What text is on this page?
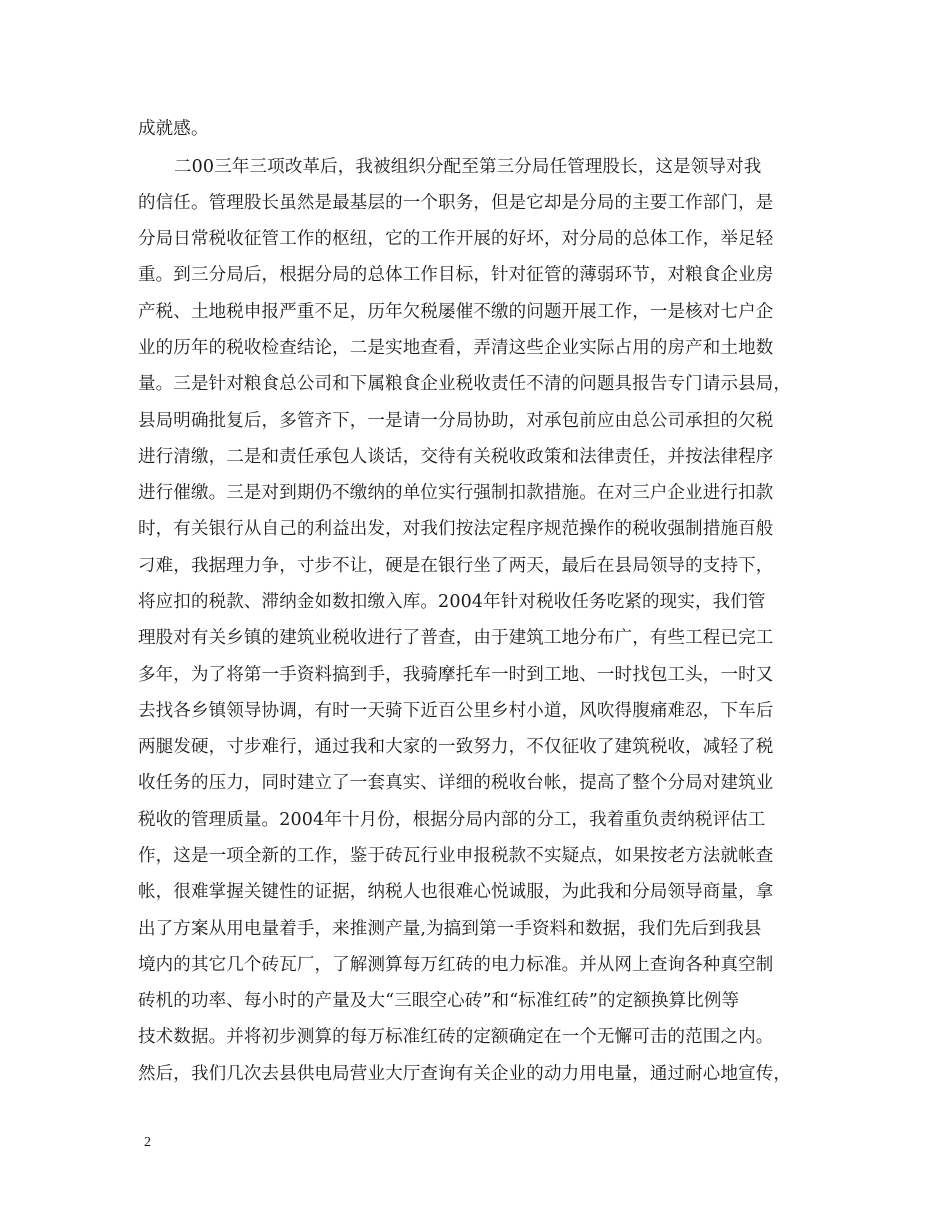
成就感。
二00三年三项改革后，我被组织分配至第三分局任管理股长，这是领导对我
的信任。管理股长虽然是最基层的一个职务，但是它却是分局的主要工作部门，是
分局日常税收征管工作的枢纽，它的工作开展的好坏，对分局的总体工作，举足轻
重。到三分局后，根据分局的总体工作目标，针对征管的薄弱环节，对粮食企业房
产税、土地税申报严重不足，历年欠税屡催不缴的问题开展工作，一是核对七户企
业的历年的税收检查结论，二是实地查看，弄清这些企业实际占用的房产和土地数
量。三是针对粮食总公司和下属粮食企业税收责任不清的问题具报告专门请示县局，
县局明确批复后，多管齐下，一是请一分局协助，对承包前应由总公司承担的欠税
进行清缴，二是和责任承包人谈话，交待有关税收政策和法律责任，并按法律程序
进行催缴。三是对到期仍不缴纳的单位实行强制扣款措施。在对三户企业进行扣款
时，有关银行从自己的利益出发，对我们按法定程序规范操作的税收强制措施百般
刁难，我据理力争，寸步不让，硬是在银行坐了两天，最后在县局领导的支持下，
将应扣的税款、滞纳金如数扣缴入库。2004年针对税收任务吃紧的现实，我们管
理股对有关乡镇的建筑业税收进行了普查，由于建筑工地分布广，有些工程已完工
多年，为了将第一手资料搞到手，我骑摩托车一时到工地、一时找包工头，一时又
去找各乡镇领导协调，有时一天骑下近百公里乡村小道，风吹得腹痛难忍，下车后
两腿发硬，寸步难行，通过我和大家的一致努力，不仅征收了建筑税收，减轻了税
收任务的压力，同时建立了一套真实、详细的税收台帐，提高了整个分局对建筑业
税收的管理质量。2004年十月份，根据分局内部的分工，我着重负责纳税评估工
作，这是一项全新的工作，鉴于砖瓦行业申报税款不实疑点，如果按老方法就帐查
帐，很难掌握关键性的证据，纳税人也很难心悦诚服，为此我和分局领导商量，拿
出了方案从用电量着手，来推测产量,为搞到第一手资料和数据，我们先后到我县
境内的其它几个砖瓦厂，了解测算每万红砖的电力标准。并从网上查询各种真空制
砖机的功率、每小时的产量及大“三眼空心砖”和“标准红砖”的定额换算比例等
技术数据。并将初步测算的每万标准红砖的定额确定在一个无懈可击的范围之内。
然后，我们几次去县供电局营业大厅查询有关企业的动力用电量，通过耐心地宣传，
2
